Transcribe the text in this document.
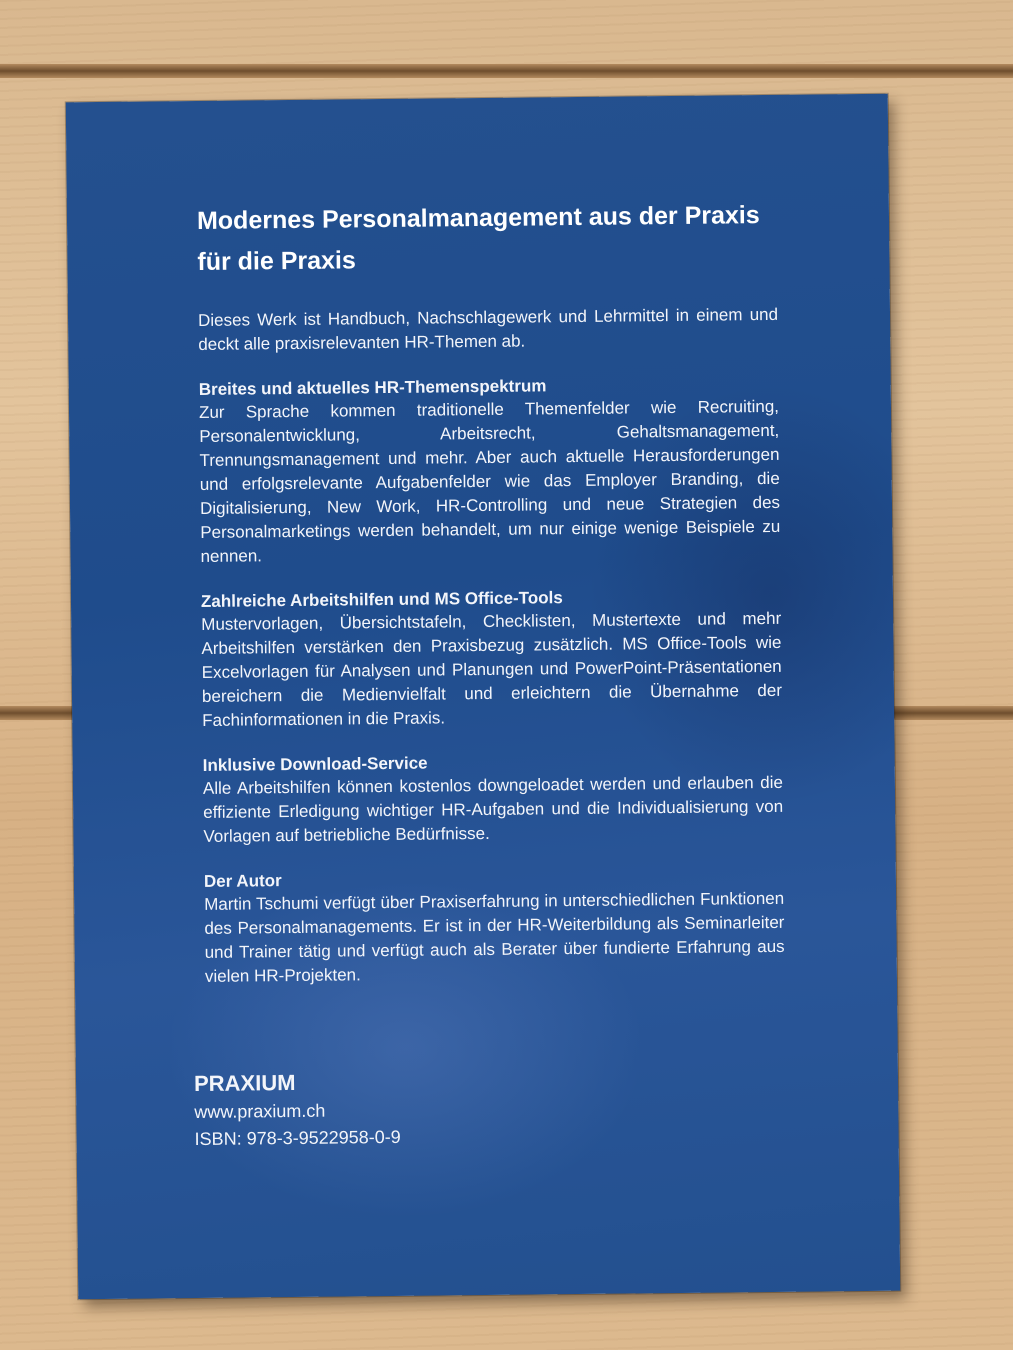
Modernes Personalmanagement aus der Praxis für die Praxis

Dieses Werk ist Handbuch, Nachschlagewerk und Lehrmittel in einem und deckt alle praxisrelevanten HR-Themen ab.

Breites und aktuelles HR-Themenspektrum

Zur Sprache kommen traditionelle Themenfelder wie Recruiting, Personalentwicklung, Arbeitsrecht, Gehaltsmanagement, Trennungsmanagement und mehr. Aber auch aktuelle Herausforderungen und erfolgsrelevante Aufgabenfelder wie das Employer Branding, die Digitalisierung, New Work, HR-Controlling und neue Strategien des Personalmarketings werden behandelt, um nur einige wenige Beispiele zu nennen.

Zahlreiche Arbeitshilfen und MS Office-Tools

Mustervorlagen, Übersichtstafeln, Checklisten, Mustertexte und mehr Arbeitshilfen verstärken den Praxisbezug zusätzlich. MS Office-Tools wie Excelvorlagen für Analysen und Planungen und PowerPoint-Präsentationen bereichern die Medienvielfalt und erleichtern die Übernahme der Fachinformationen in die Praxis.

Inklusive Download-Service

Alle Arbeitshilfen können kostenlos downgeloadet werden und erlauben die effiziente Erledigung wichtiger HR-Aufgaben und die Individualisierung von Vorlagen auf betriebliche Bedürfnisse.

Der Autor

Martin Tschumi verfügt über Praxiserfahrung in unterschiedlichen Funktionen des Personalmanagements. Er ist in der HR-Weiterbildung als Seminarleiter und Trainer tätig und verfügt auch als Berater über fundierte Erfahrung aus vielen HR-Projekten.

PRAXIUM
www.praxium.ch
ISBN: 978-3-9522958-0-9
